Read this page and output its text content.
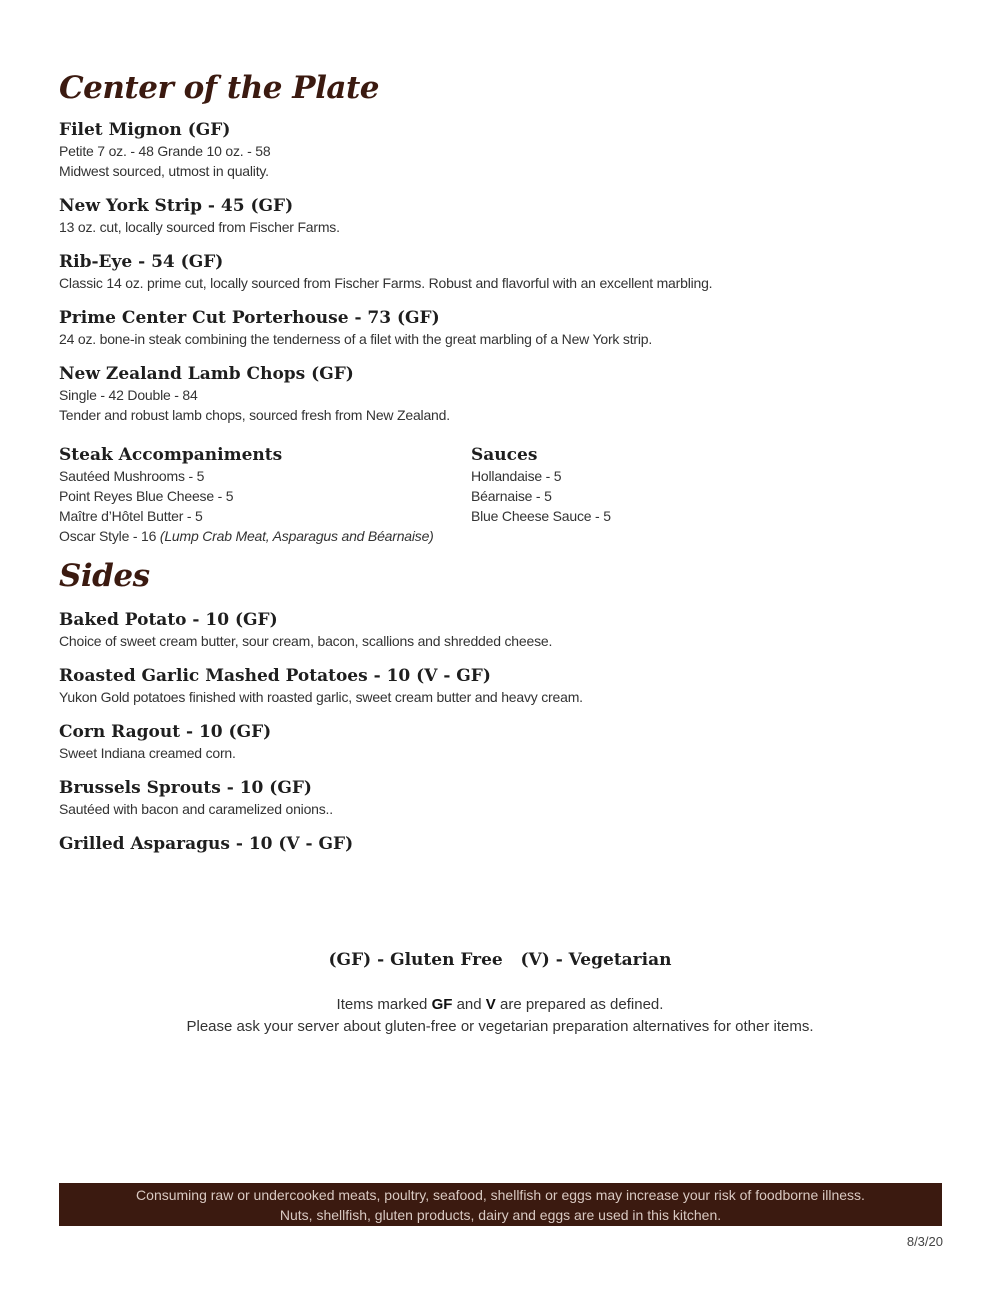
Center of the Plate

Filet Mignon (GF)

Petite 7 oz. - 48 Grande 10 oz. - 58

Midwest sourced, utmost in quality.

New York Strip - 45 (GF)

13 oz. cut, locally sourced from Fischer Farms.

Rib-Eye - 54 (GF)

Classic 14 oz. prime cut, locally sourced from Fischer Farms. Robust and flavorful with an excellent marbling.

Prime Center Cut Porterhouse - 73 (GF)

24 oz. bone-in steak combining the tenderness of a filet with the great marbling of a New York strip.

New Zealand Lamb Chops (GF)

Single - 42 Double - 84

Tender and robust lamb chops, sourced fresh from New Zealand.

Steak Accompaniments

Sautéed Mushrooms - 5

Point Reyes Blue Cheese - 5

Maître d’Hôtel Butter - 5

Oscar Style - 16 (Lump Crab Meat, Asparagus and Béarnaise)

Sauces

Hollandaise - 5

Béarnaise - 5

Blue Cheese Sauce - 5

Sides

Baked Potato - 10 (GF)

Choice of sweet cream butter, sour cream, bacon, scallions and shredded cheese.

Roasted Garlic Mashed Potatoes - 10 (V - GF)

Yukon Gold potatoes finished with roasted garlic, sweet cream butter and heavy cream.

Corn Ragout - 10 (GF)

Sweet Indiana creamed corn.

Brussels Sprouts - 10 (GF)

Sautéed with bacon and caramelized onions..

Grilled Asparagus - 10 (V - GF)

(GF) - Gluten Free (V) - Vegetarian
Items marked GF and V are prepared as defined.
Please ask your server about gluten-free or vegetarian preparation alternatives for other items.
Consuming raw or undercooked meats, poultry, seafood, shellfish or eggs may increase your risk of foodborne illness.
Nuts, shellfish, gluten products, dairy and eggs are used in this kitchen.
8/3/20
